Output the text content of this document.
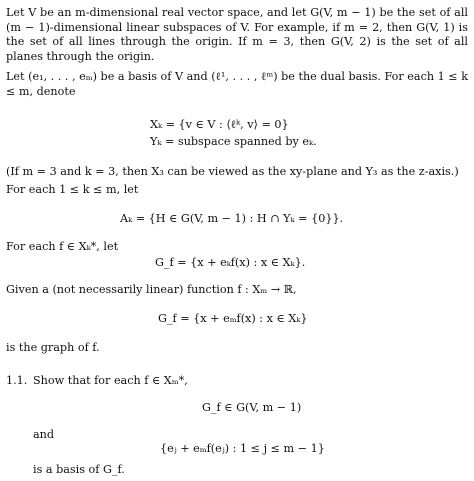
Let V be an m-dimensional real vector space, and let G(V, m − 1) be the set of all (m − 1)-dimensional linear subspaces of V. For example, if m = 2, then G(V, 1) is the set of all lines through the origin. If m = 3, then G(V, 2) is the set of all planes through the origin.
Let (e₁, . . . , eₘ) be a basis of V and (ℓ¹, . . . , ℓᵐ) be the dual basis. For each 1 ≤ k ≤ m, denote
Xₖ = {v ∈ V : ⟨ℓᵏ, v⟩ = 0}
Yₖ = subspace spanned by eₖ.
(If m = 3 and k = 3, then X₃ can be viewed as the xy-plane and Y₃ as the z-axis.)
For each 1 ≤ k ≤ m, let
Aₖ = {H ∈ G(V, m − 1) : H ∩ Yₖ = {0}}.
For each f ∈ Xₖ*, let
G_f = {x + eₖf(x) : x ∈ Xₖ}.
Given a (not necessarily linear) function f : Xₘ → ℝ,
G_f = {x + eₘf(x) : x ∈ Xₖ}
is the graph of f.
1.1. Show that for each f ∈ Xₘ*,
G_f ∈ G(V, m − 1)
and
{eⱼ + eₘf(eⱼ) : 1 ≤ j ≤ m − 1}
is a basis of G_f.
